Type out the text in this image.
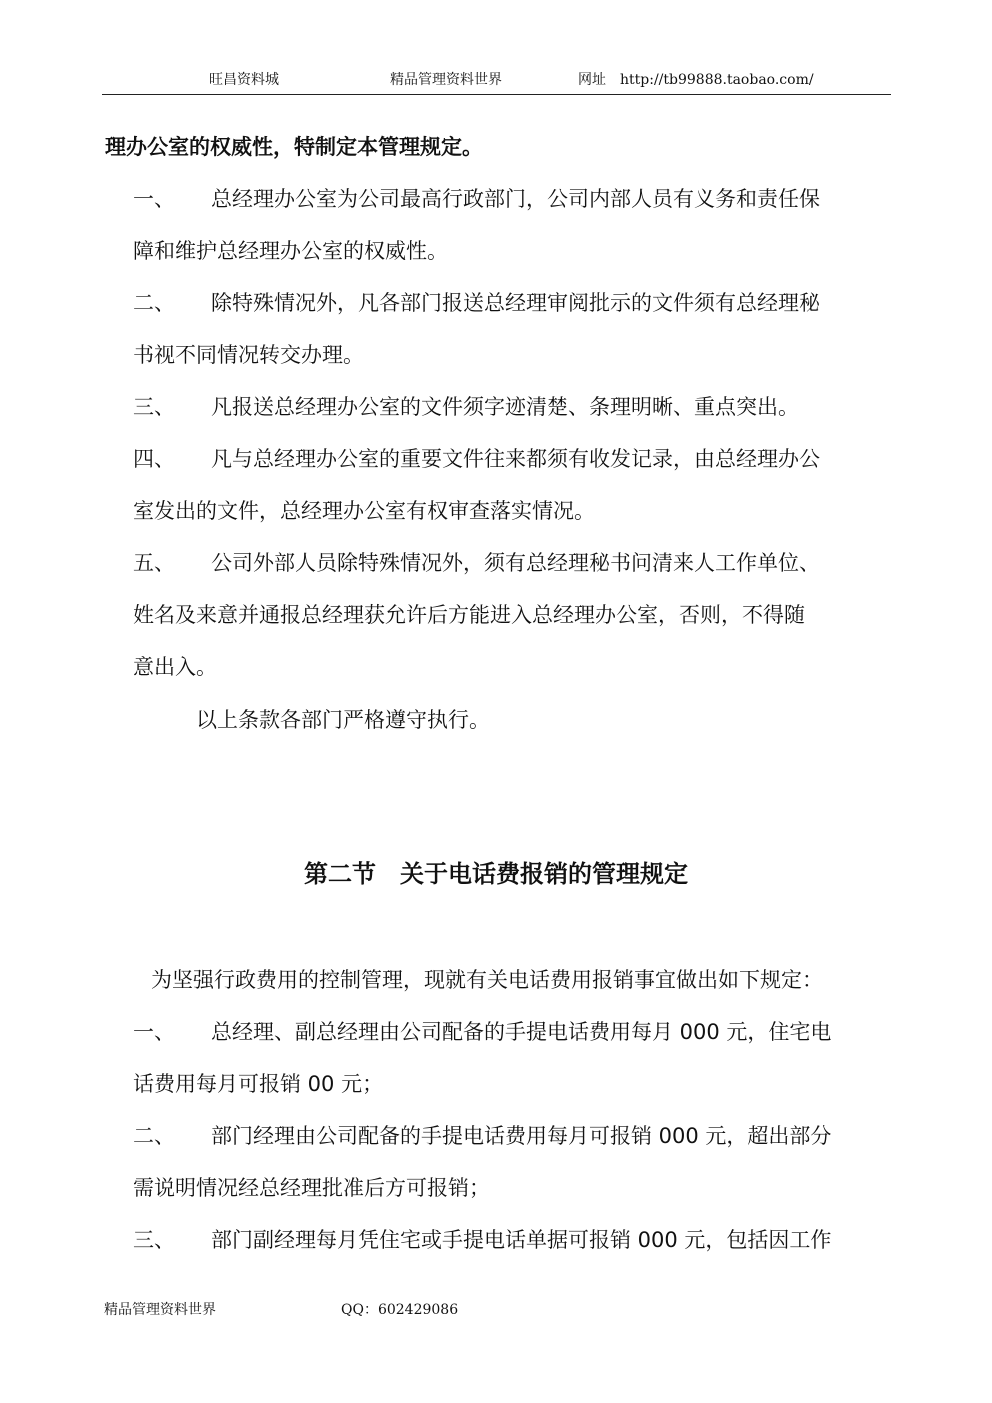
旺昌资料城	精品管理资料世界	网址　http://tb99888.taobao.com/
理办公室的权威性，特制定本管理规定。
一、 总经理办公室为公司最高行政部门，公司内部人员有义务和责任保
障和维护总经理办公室的权威性。
二、 除特殊情况外，凡各部门报送总经理审阅批示的文件须有总经理秘
书视不同情况转交办理。
三、 凡报送总经理办公室的文件须字迹清楚、条理明晰、重点突出。
四、 凡与总经理办公室的重要文件往来都须有收发记录，由总经理办公
室发出的文件，总经理办公室有权审查落实情况。
五、 公司外部人员除特殊情况外，须有总经理秘书问清来人工作单位、
姓名及来意并通报总经理获允许后方能进入总经理办公室，否则，不得随
意出入。
以上条款各部门严格遵守执行。
第二节　关于电话费报销的管理规定
为坚强行政费用的控制管理，现就有关电话费用报销事宜做出如下规定：
一、 总经理、副总经理由公司配备的手提电话费用每月 000 元，住宅电
话费用每月可报销 00 元；
二、 部门经理由公司配备的手提电话费用每月可报销 000 元，超出部分
需说明情况经总经理批准后方可报销；
三、 部门副经理每月凭住宅或手提电话单据可报销 000 元，包括因工作
精品管理资料世界	QQ：602429086
